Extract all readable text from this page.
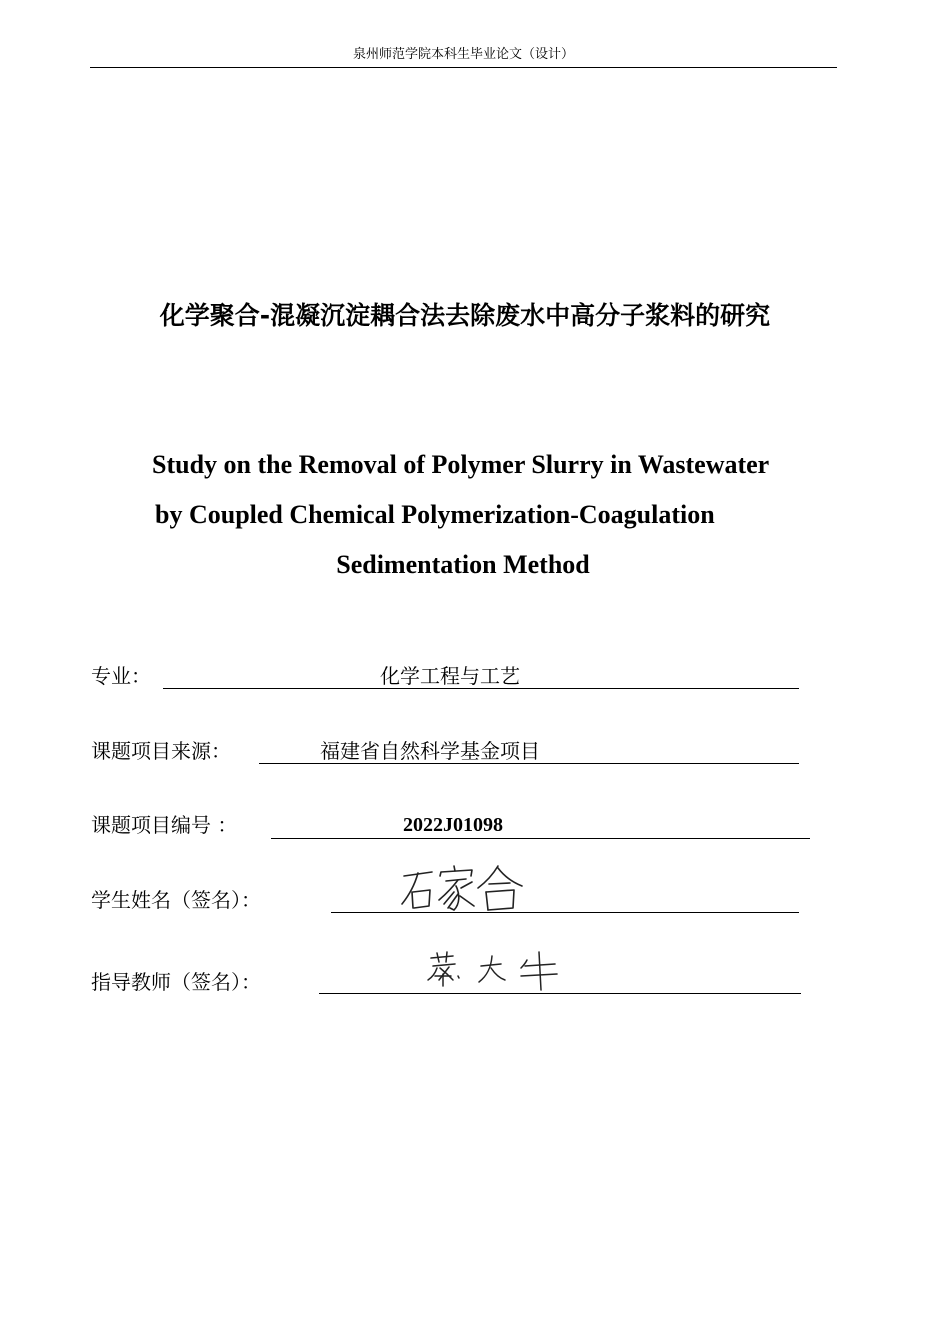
泉州师范学院本科生毕业论文（设计）
化学聚合-混凝沉淀耦合法去除废水中高分子浆料的研究
Study on the Removal of Polymer Slurry in Wastewater
by Coupled Chemical Polymerization-Coagulation
Sedimentation Method
专业：	化学工程与工艺
课题项目来源：	福建省自然科学基金项目
课题项目编号 ：	2022J01098
学生姓名（签名）：
指导教师（签名）：
